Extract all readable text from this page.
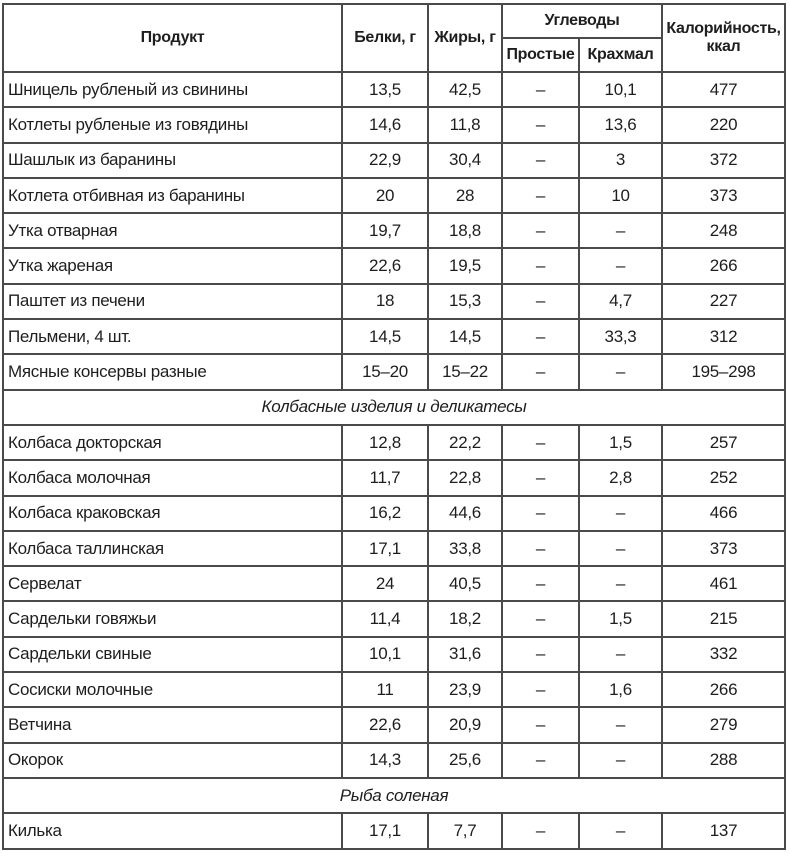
Продукт	Белки, г	Жиры, г	Углеводы		Калорийность,
ккал
			Простые	Крахмал	
Шницель рубленый из свинины	13,5	42,5	–	10,1	477
Котлеты рубленые из говядины	14,6	11,8	–	13,6	220
Шашлык из баранины	22,9	30,4	–	3	372
Котлета отбивная из баранины	20	28	–	10	373
Утка отварная	19,7	18,8	–	–	248
Утка жареная	22,6	19,5	–	–	266
Паштет из печени	18	15,3	–	4,7	227
Пельмени, 4 шт.	14,5	14,5	–	33,3	312
Мясные консервы разные	15–20	15–22	–	–	195–298
Колбасные изделия и деликатесы					
Колбаса докторская	12,8	22,2	–	1,5	257
Колбаса молочная	11,7	22,8	–	2,8	252
Колбаса краковская	16,2	44,6	–	–	466
Колбаса таллинская	17,1	33,8	–	–	373
Сервелат	24	40,5	–	–	461
Сардельки говяжьи	11,4	18,2	–	1,5	215
Сардельки свиные	10,1	31,6	–	–	332
Сосиски молочные	11	23,9	–	1,6	266
Ветчина	22,6	20,9	–	–	279
Окорок	14,3	25,6	–	–	288
Рыба соленая					
Килька	17,1	7,7	–	–	137
